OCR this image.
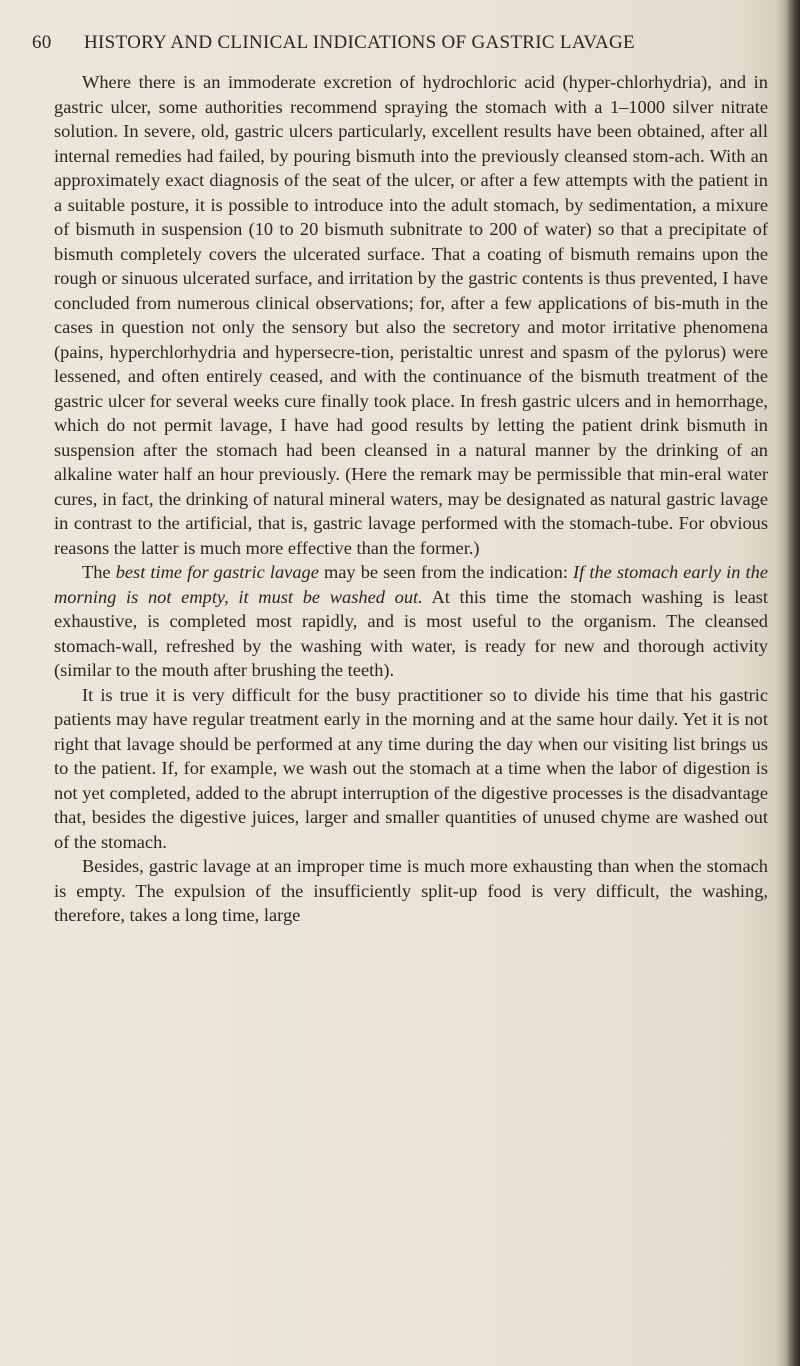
60 HISTORY AND CLINICAL INDICATIONS OF GASTRIC LAVAGE

Where there is an immoderate excretion of hydrochloric acid (hyper-chlorhydria), and in gastric ulcer, some authorities recommend spraying the stomach with a 1–1000 silver nitrate solution. In severe, old, gastric ulcers particularly, excellent results have been obtained, after all internal remedies had failed, by pouring bismuth into the previously cleansed stom-ach. With an approximately exact diagnosis of the seat of the ulcer, or after a few attempts with the patient in a suitable posture, it is possible to introduce into the adult stomach, by sedimentation, a mixure of bismuth in suspension (10 to 20 bismuth subnitrate to 200 of water) so that a precipitate of bismuth completely covers the ulcerated surface. That a coating of bismuth remains upon the rough or sinuous ulcerated surface, and irritation by the gastric contents is thus prevented, I have concluded from numerous clinical observations; for, after a few applications of bis-muth in the cases in question not only the sensory but also the secretory and motor irritative phenomena (pains, hyperchlorhydria and hypersecre-tion, peristaltic unrest and spasm of the pylorus) were lessened, and often entirely ceased, and with the continuance of the bismuth treatment of the gastric ulcer for several weeks cure finally took place. In fresh gastric ulcers and in hemorrhage, which do not permit lavage, I have had good results by letting the patient drink bismuth in suspension after the stomach had been cleansed in a natural manner by the drinking of an alkaline water half an hour previously. (Here the remark may be permissible that min-eral water cures, in fact, the drinking of natural mineral waters, may be designated as natural gastric lavage in contrast to the artificial, that is, gastric lavage performed with the stomach-tube. For obvious reasons the latter is much more effective than the former.)

The best time for gastric lavage may be seen from the indication: If the stomach early in the morning is not empty, it must be washed out. At this time the stomach washing is least exhaustive, is completed most rapidly, and is most useful to the organism. The cleansed stomach-wall, refreshed by the washing with water, is ready for new and thorough activity (similar to the mouth after brushing the teeth).

It is true it is very difficult for the busy practitioner so to divide his time that his gastric patients may have regular treatment early in the morning and at the same hour daily. Yet it is not right that lavage should be performed at any time during the day when our visiting list brings us to the patient. If, for example, we wash out the stomach at a time when the labor of digestion is not yet completed, added to the abrupt interruption of the digestive processes is the disadvantage that, besides the digestive juices, larger and smaller quantities of unused chyme are washed out of the stomach.

Besides, gastric lavage at an improper time is much more exhausting than when the stomach is empty. The expulsion of the insufficiently split-up food is very difficult, the washing, therefore, takes a long time, large
